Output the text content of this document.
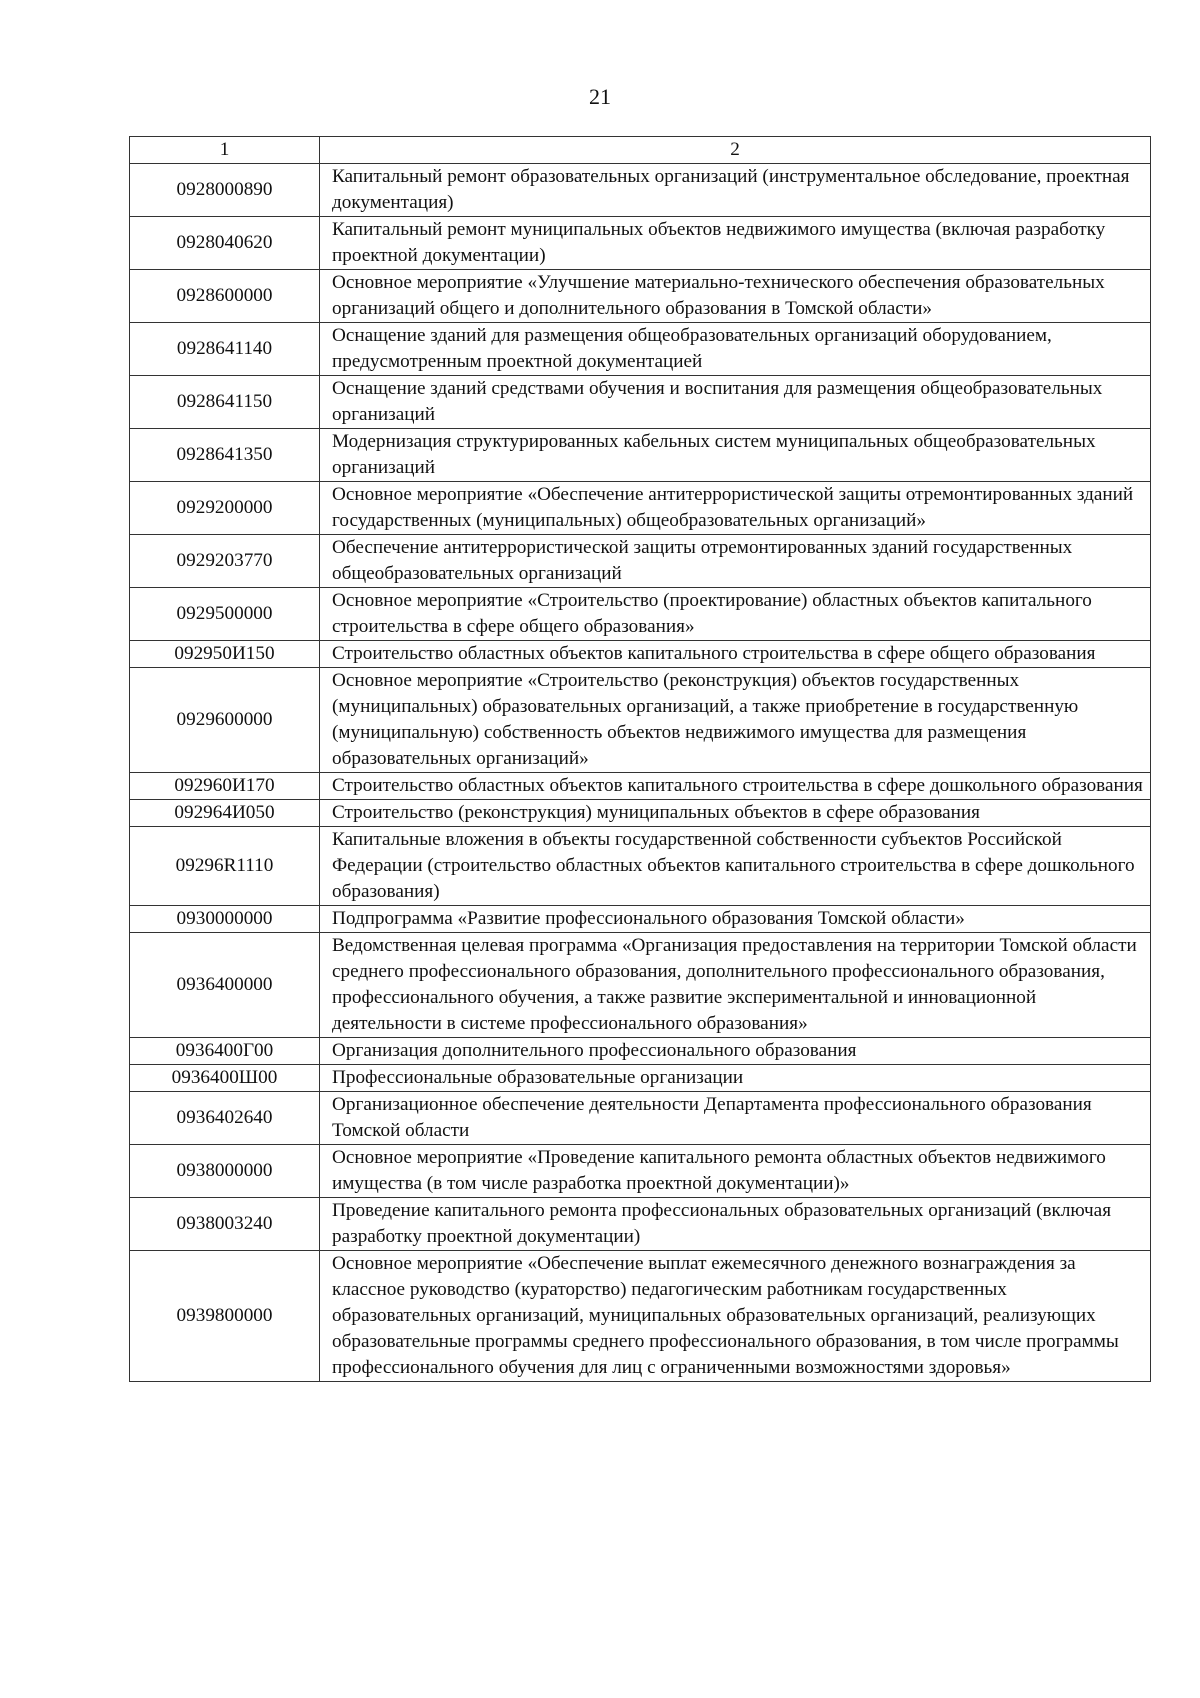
21
1	2
0928000890	Капитальный ремонт образовательных организаций (инструментальное обследование, проектная документация)
0928040620	Капитальный ремонт муниципальных объектов недвижимого имущества (включая разработку проектной документации)
0928600000	Основное мероприятие «Улучшение материально-технического обеспечения образовательных организаций общего и дополнительного образования в Томской области»
0928641140	Оснащение зданий для размещения общеобразовательных организаций оборудованием, предусмотренным проектной документацией
0928641150	Оснащение зданий средствами обучения и воспитания для размещения общеобразовательных организаций
0928641350	Модернизация структурированных кабельных систем муниципальных общеобразовательных организаций
0929200000	Основное мероприятие «Обеспечение антитеррористической защиты отремонтированных зданий государственных (муниципальных) общеобразовательных организаций»
0929203770	Обеспечение антитеррористической защиты отремонтированных зданий государственных общеобразовательных организаций
0929500000	Основное мероприятие «Строительство (проектирование) областных объектов капитального строительства в сфере общего образования»
092950И150	Строительство областных объектов капитального строительства в сфере общего образования
0929600000	Основное мероприятие «Строительство (реконструкция) объектов государственных (муниципальных) образовательных организаций, а также приобретение в государственную (муниципальную) собственность объектов недвижимого имущества для размещения образовательных организаций»
092960И170	Строительство областных объектов капитального строительства в сфере дошкольного образования
092964И050	Строительство (реконструкция) муниципальных объектов в сфере образования
09296R1110	Капитальные вложения в объекты государственной собственности субъектов Российской Федерации (строительство областных объектов капитального строительства в сфере дошкольного образования)
0930000000	Подпрограмма «Развитие профессионального образования Томской области»
0936400000	Ведомственная целевая программа «Организация предоставления на территории Томской области среднего профессионального образования, дополнительного профессионального образования, профессионального обучения, а также развитие экспериментальной и инновационной деятельности в системе профессионального образования»
0936400Г00	Организация дополнительного профессионального образования
0936400Ш00	Профессиональные образовательные организации
0936402640	Организационное обеспечение деятельности Департамента профессионального образования Томской области
0938000000	Основное мероприятие «Проведение капитального ремонта областных объектов недвижимого имущества (в том числе разработка проектной документации)»
0938003240	Проведение капитального ремонта профессиональных образовательных организаций (включая разработку проектной документации)
0939800000	Основное мероприятие «Обеспечение выплат ежемесячного денежного вознаграждения за классное руководство (кураторство) педагогическим работникам государственных образовательных организаций, муниципальных образовательных организаций, реализующих образовательные программы среднего профессионального образования, в том числе программы профессионального обучения для лиц с ограниченными возможностями здоровья»
